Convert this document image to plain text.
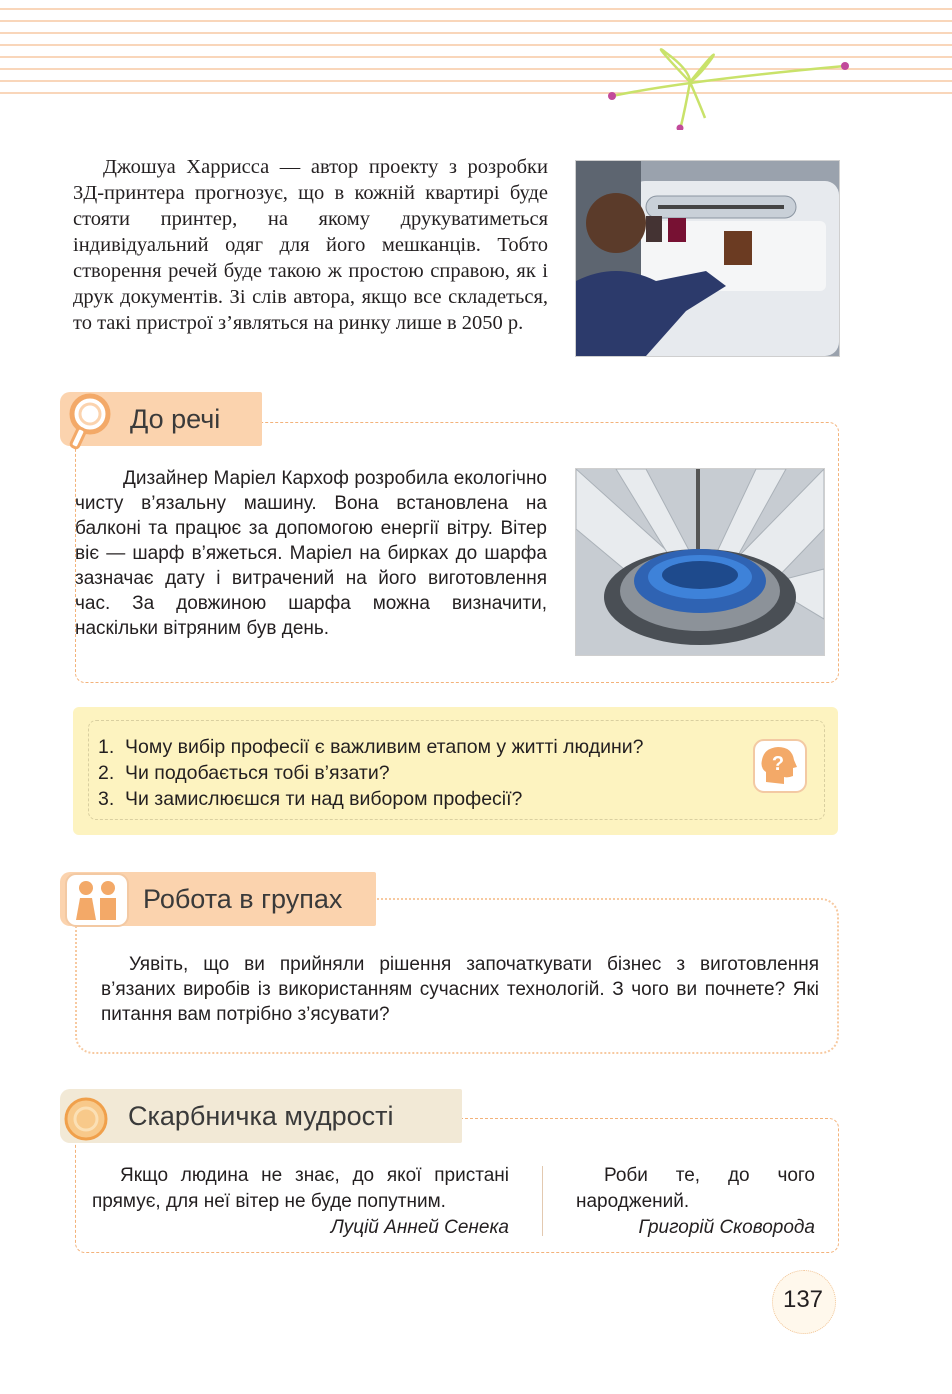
Джошуа Харрисса — автор проекту з розробки 3Д-принтера прогнозує, що в кожній квартирі буде стояти принтер, на якому друкуватиметься індивідуальний одяг для його мешканців. Тобто створення речей буде такою ж простою справою, як і друк документів. Зі слів автора, якщо все складеться, то такі пристрої з’являться на ринку лише в 2050 р.

До речі

Дизайнер Маріел Кархоф розробила екологічно чисту в’язальну машину. Вона встановлена на балконі та працює за допомогою енергії вітру. Вітер віє — шарф в’яжеться. Маріел на бирках до шарфа зазначає дату і витрачений на його виготовлення час. За довжиною шарфа можна визначити, наскільки вітряним був день.

1. Чому вибір професії є важливим етапом у житті людини?
2. Чи подобається тобі в’язати?
3. Чи замислюєшся ти над вибором професії?
?
Робота в групах

Уявіть, що ви прийняли рішення започаткувати бізнес з виготовлення в’язаних виробів із використанням сучасних технологій. З чого ви почнете? Які питання вам потрібно з’ясувати?

Скарбничка мудрості
Якщо людина не знає, до якої пристані прямує, для неї вітер не буде попутним.
Луцій Анней Сенека
Роби те, до чого народжений.
Григорій Сковорода
137
